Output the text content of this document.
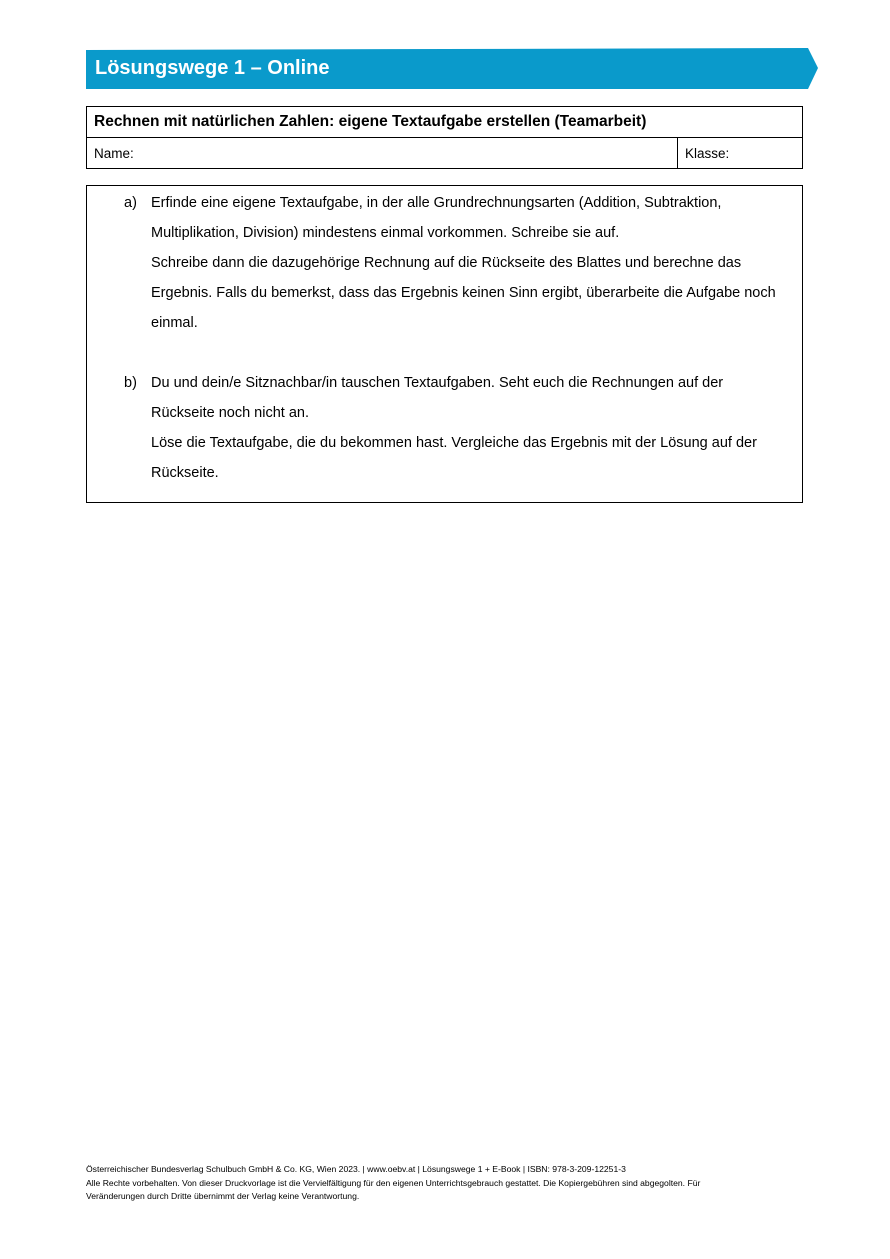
Lösungswege 1 – Online
Rechnen mit natürlichen Zahlen: eigene Textaufgabe erstellen (Teamarbeit)
Name:	Klasse:
a) Erfinde eine eigene Textaufgabe, in der alle Grundrechnungsarten (Addition, Subtraktion,
Multiplikation, Division) mindestens einmal vorkommen. Schreibe sie auf.
Schreibe dann die dazugehörige Rechnung auf die Rückseite des Blattes und berechne das
Ergebnis. Falls du bemerkst, dass das Ergebnis keinen Sinn ergibt, überarbeite die Aufgabe noch
einmal.
b) Du und dein/e Sitznachbar/in tauschen Textaufgaben. Seht euch die Rechnungen auf der
Rückseite noch nicht an.
Löse die Textaufgabe, die du bekommen hast. Vergleiche das Ergebnis mit der Lösung auf der
Rückseite.
Österreichischer Bundesverlag Schulbuch GmbH & Co. KG, Wien 2023. | www.oebv.at | Lösungswege 1 + E-Book | ISBN: 978-3-209-12251-3
Alle Rechte vorbehalten. Von dieser Druckvorlage ist die Vervielfältigung für den eigenen Unterrichtsgebrauch gestattet. Die Kopiergebühren sind abgegolten. Für
Veränderungen durch Dritte übernimmt der Verlag keine Verantwortung.
